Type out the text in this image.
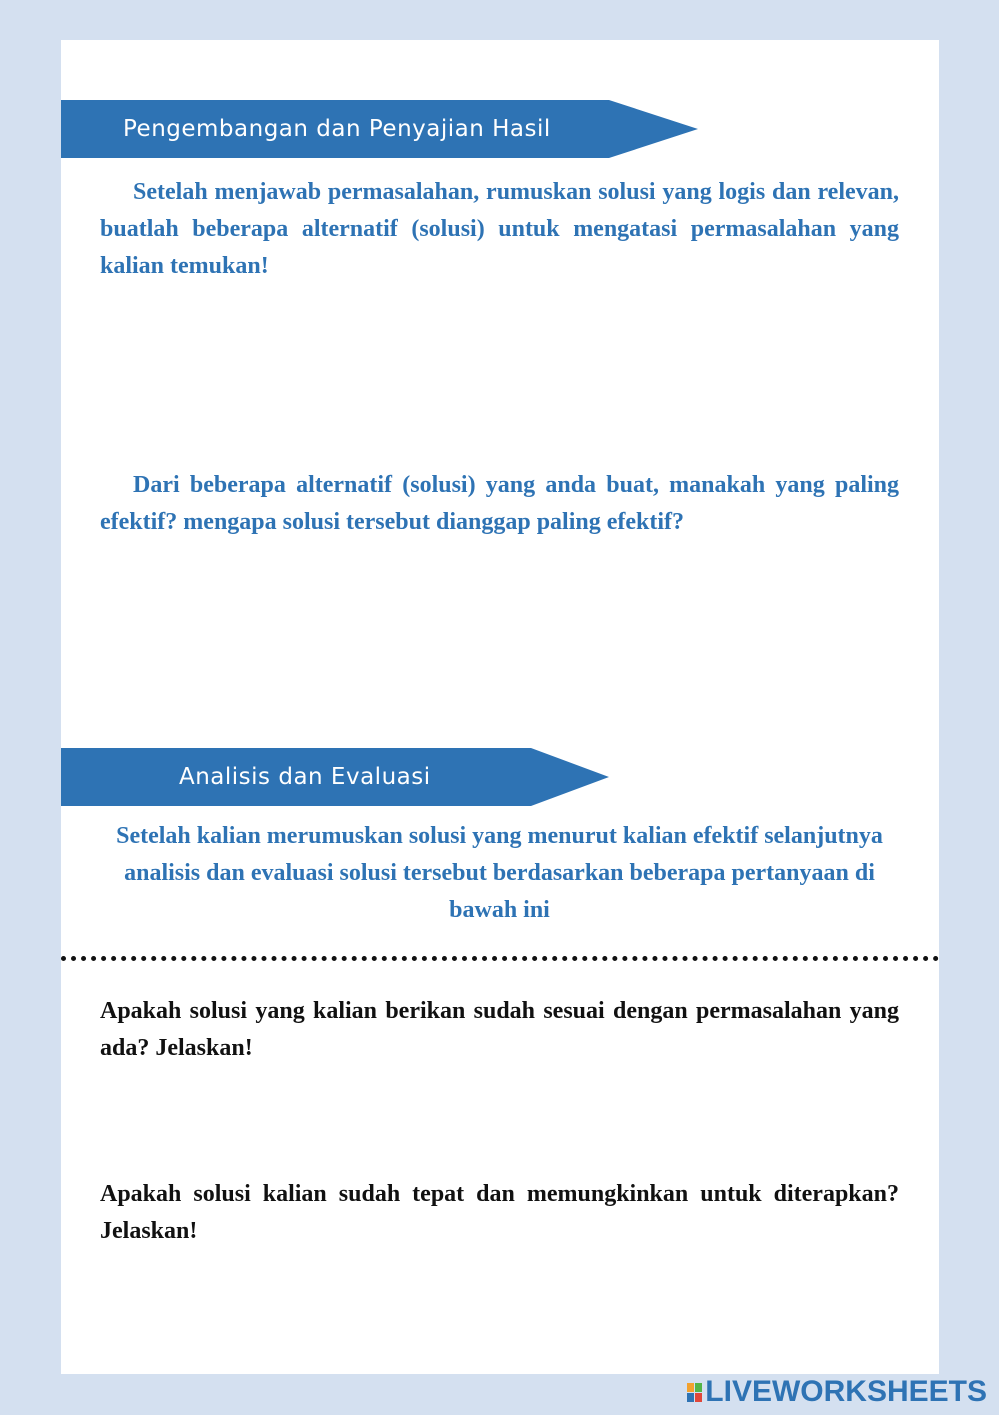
Pengembangan dan Penyajian Hasil

Setelah menjawab permasalahan, rumuskan solusi yang logis dan relevan, buatlah beberapa alternatif (solusi) untuk mengatasi permasalahan yang kalian temukan!

Dari beberapa alternatif (solusi) yang anda buat, manakah yang paling efektif? mengapa solusi tersebut dianggap paling efektif?

Analisis dan Evaluasi

Setelah kalian merumuskan solusi yang menurut kalian efektif selanjutnya analisis dan evaluasi solusi tersebut berdasarkan beberapa pertanyaan di bawah ini

Apakah solusi yang kalian berikan sudah sesuai dengan permasalahan yang ada? Jelaskan!

Apakah solusi kalian sudah tepat dan memungkinkan untuk diterapkan? Jelaskan!

LIVEWORKSHEETS
